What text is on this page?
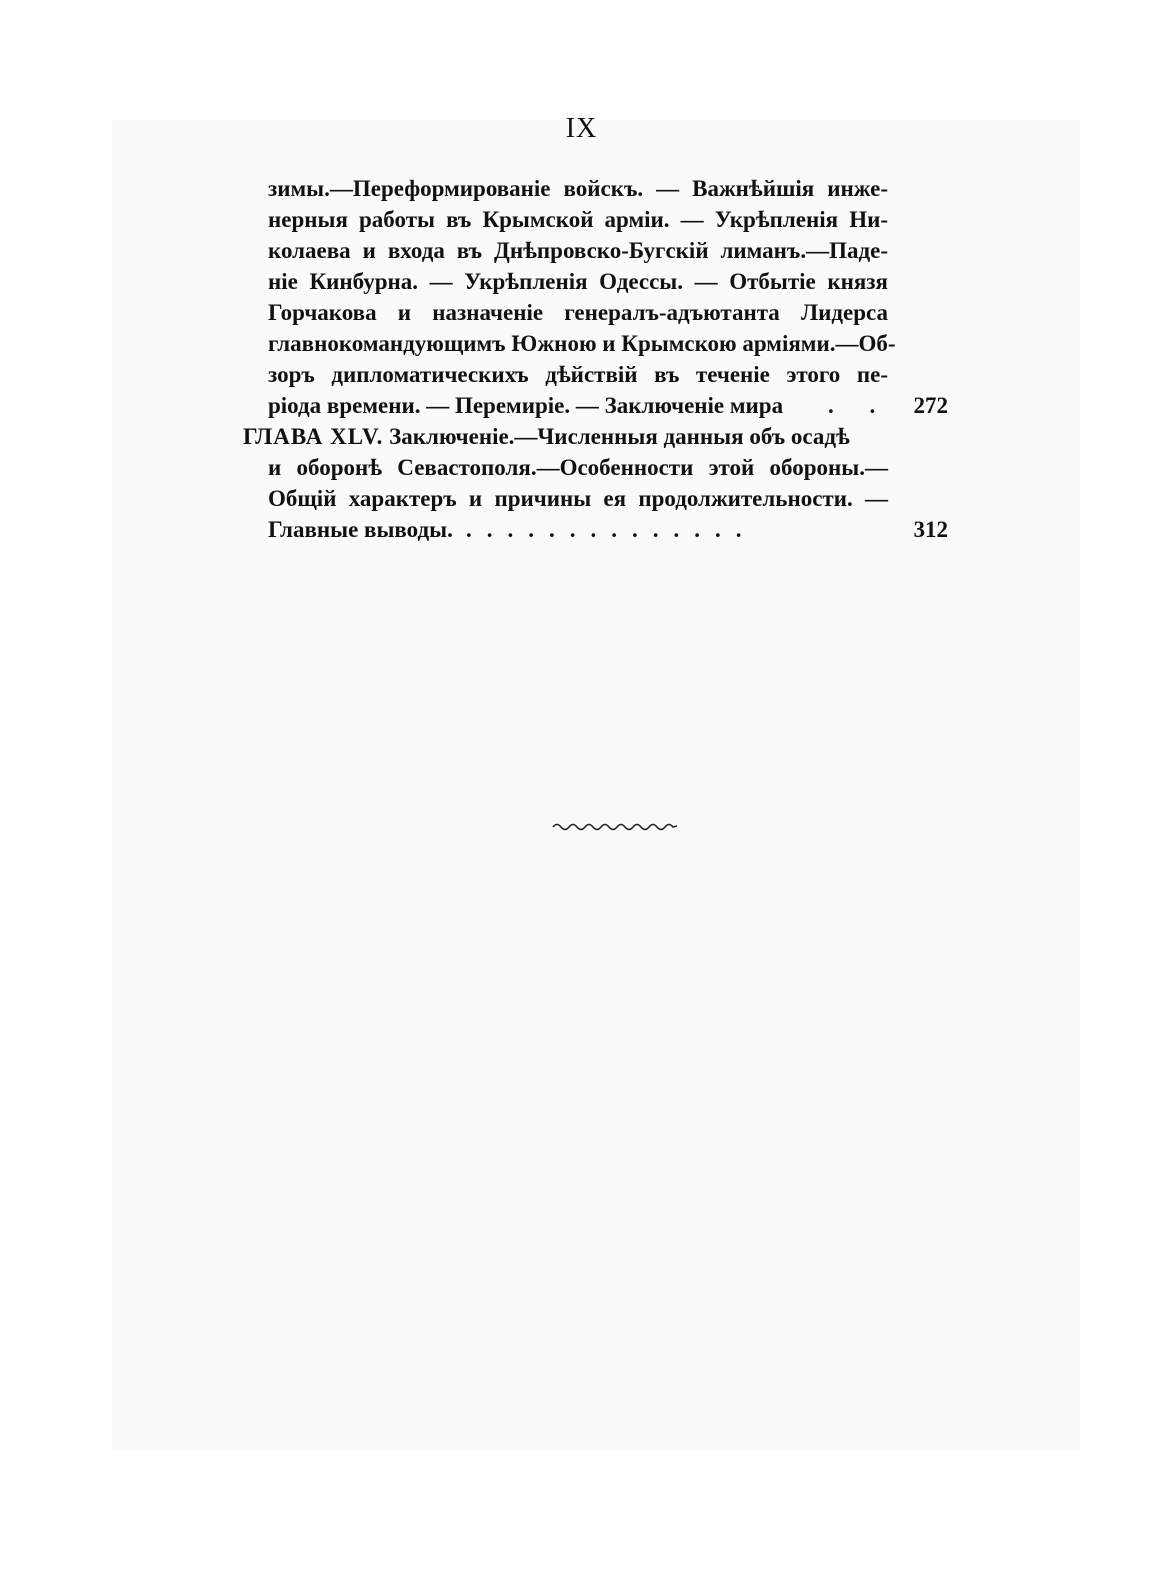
IX
зимы.—Переформированіе войскъ. — Важнѣйшія инже-
нерныя работы въ Крымской арміи. — Укрѣпленія Ни-
колаева и входа въ Днѣпровско-Бугскій лиманъ.—Паде-
ніе Кинбурна. — Укрѣпленія Одессы. — Отбытіе князя
Горчакова и назначеніе генералъ-адъютанта Лидерса
главнокомандующимъ Южною и Крымскою арміями.—Об-
зоръ дипломатическихъ дѣйствій въ теченіе этого пе-
ріода времени. — Перемиріе. — Заключеніе мира . .	272
ГЛАВА XLV. Заключеніе.—Численныя данныя объ осадѣ
и оборонѣ Севастополя.—Особенности этой обороны.—
Общій характеръ и причины ея продолжительности. —
Главные выводы. ..............	312
